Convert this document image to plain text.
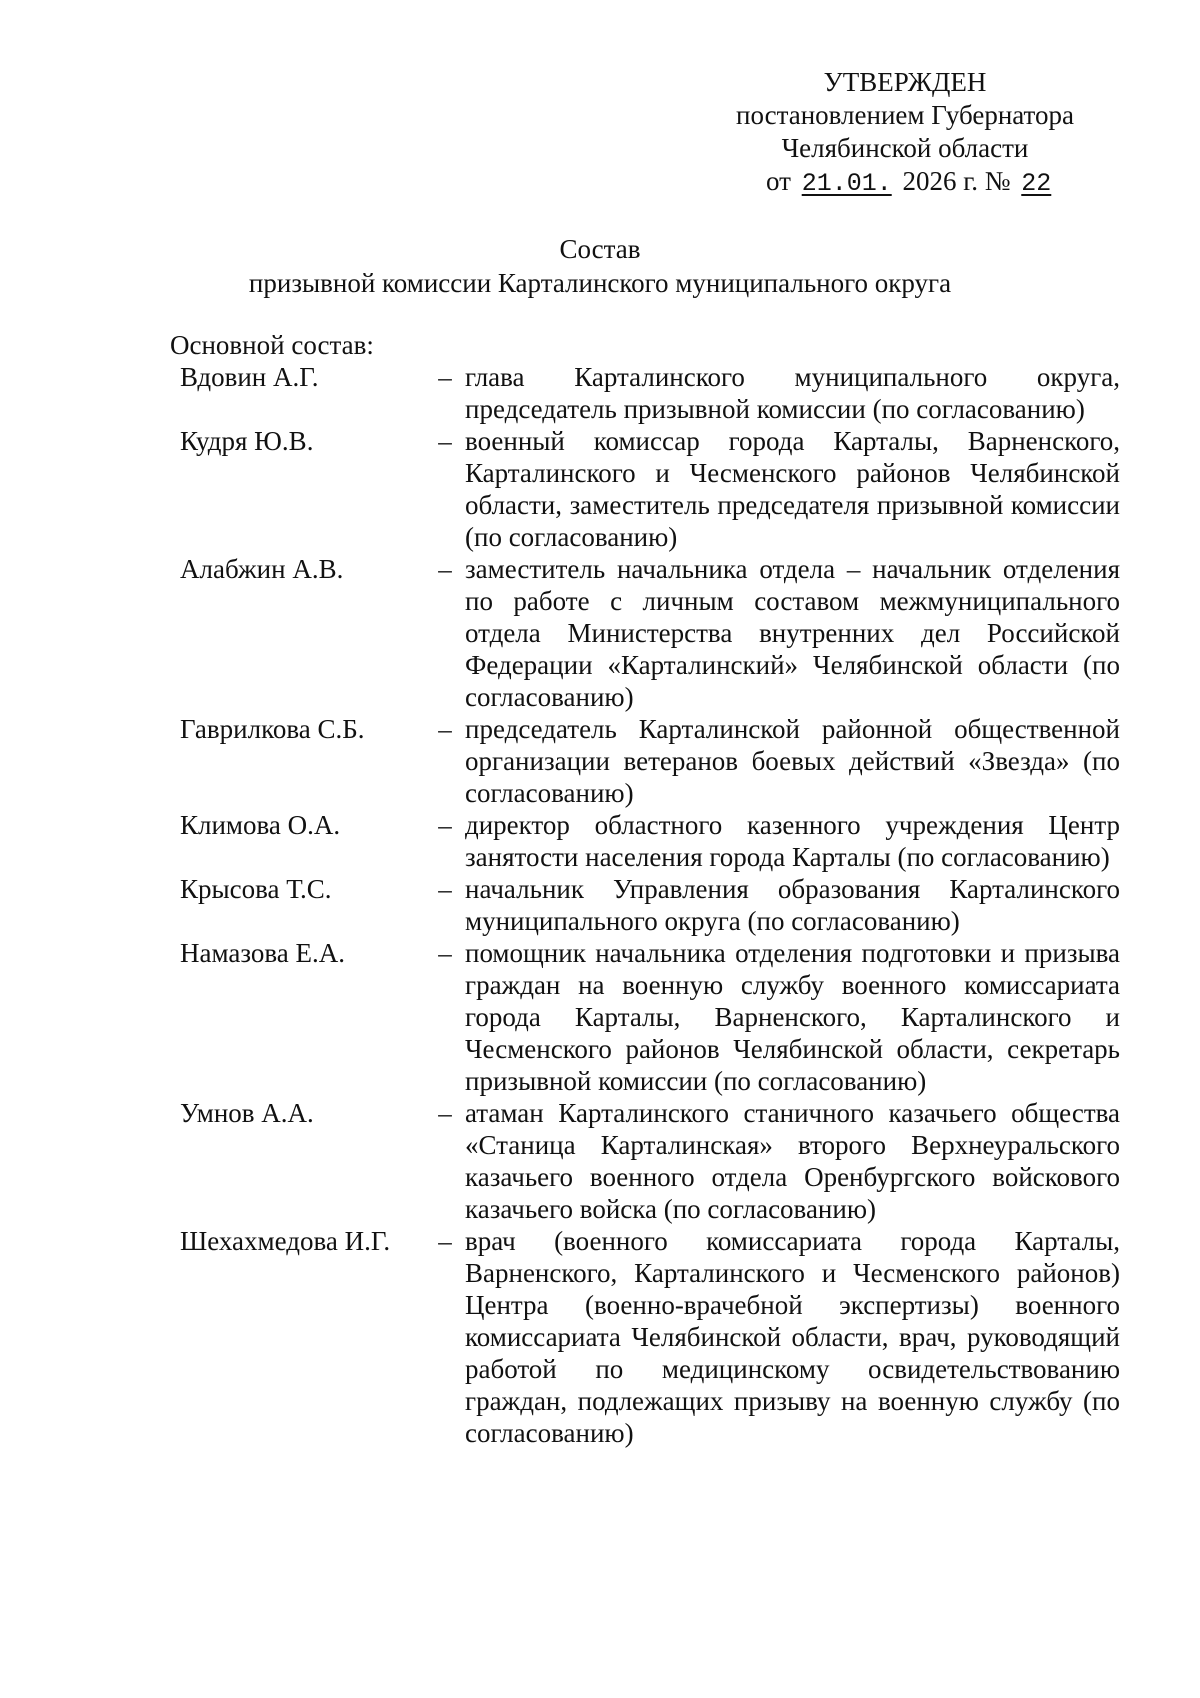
УТВЕРЖДЕН
постановлением Губернатора
Челябинской области
от 21.01. 2026 г. № 22
Состав
призывной комиссии Карталинского муниципального округа
Основной состав:
Вдовин А.Г.	– глава Карталинского муниципального округа, председатель призывной комиссии (по согласованию)
Кудря Ю.В.	– военный комиссар города Карталы, Варненского, Карталинского и Чесменского районов Челябинской области, заместитель председателя призывной комиссии (по согласованию)
Алабжин А.В.	– заместитель начальника отдела – начальник отделения по работе с личным составом межмуниципального отдела Министерства внутренних дел Российской Федерации «Карталинский» Челябинской области (по согласованию)
Гаврилкова С.Б.	– председатель Карталинской районной общественной организации ветеранов боевых действий «Звезда» (по согласованию)
Климова О.А.	– директор областного казенного учреждения Центр занятости населения города Карталы (по согласованию)
Крысова Т.С.	– начальник Управления образования Карталинского муниципального округа (по согласованию)
Намазова Е.А.	– помощник начальника отделения подготовки и призыва граждан на военную службу военного комиссариата города Карталы, Варненского, Карталинского и Чесменского районов Челябинской области, секретарь призывной комиссии (по согласованию)
Умнов А.А.	– атаман Карталинского станичного казачьего общества «Станица Карталинская» второго Верхнеуральского казачьего военного отдела Оренбургского войскового казачьего войска (по согласованию)
Шехахмедова И.Г.	– врач (военного комиссариата города Карталы, Варненского, Карталинского и Чесменского районов) Центра (военно-врачебной экспертизы) военного комиссариата Челябинской области, врач, руководящий работой по медицинскому освидетельствованию граждан, подлежащих призыву на военную службу (по согласованию)
